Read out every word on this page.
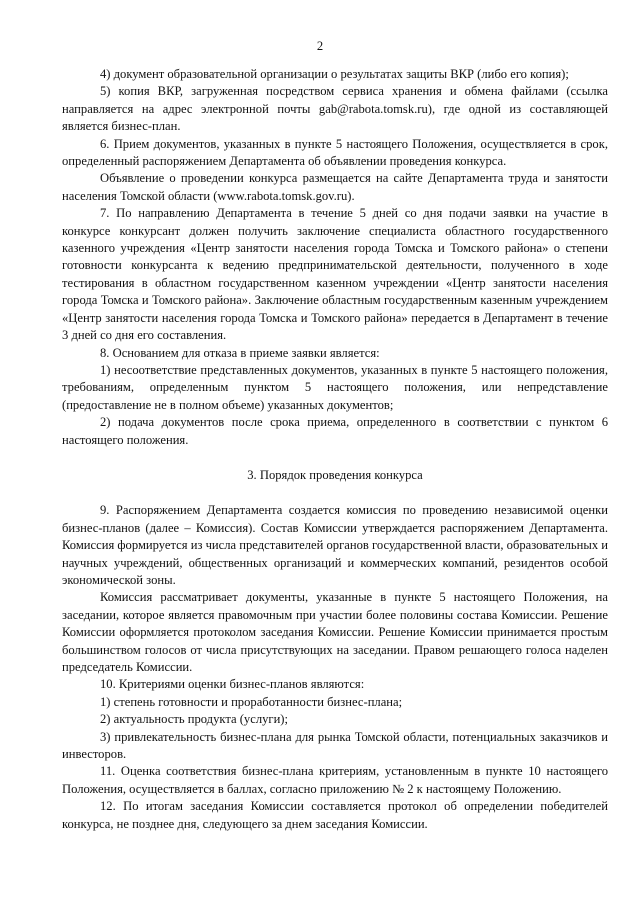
2

4) документ образовательной организации о результатах защиты ВКР (либо его копия);

5) копия ВКР, загруженная посредством сервиса хранения и обмена файлами (ссылка направляется на адрес электронной почты gab@rabota.tomsk.ru), где одной из составляющей является бизнес-план.

6. Прием документов, указанных в пункте 5 настоящего Положения, осуществляется в срок, определенный распоряжением Департамента об объявлении проведения конкурса.

Объявление о проведении конкурса размещается на сайте Департамента труда и занятости населения Томской области (www.rabota.tomsk.gov.ru).

7. По направлению Департамента в течение 5 дней со дня подачи заявки на участие в конкурсе конкурсант должен получить заключение специалиста областного государственного казенного учреждения «Центр занятости населения города Томска и Томского района» о степени готовности конкурсанта к ведению предпринимательской деятельности, полученного в ходе тестирования в областном государственном казенном учреждении «Центр занятости населения города Томска и Томского района». Заключение областным государственным казенным учреждением «Центр занятости населения города Томска и Томского района» передается в Департамент в течение 3 дней со дня его составления.

8. Основанием для отказа в приеме заявки является:

1) несоответствие представленных документов, указанных в пункте 5 настоящего положения, требованиям, определенным пунктом 5 настоящего положения, или непредставление (предоставление не в полном объеме) указанных документов;

2) подача документов после срока приема, определенного в соответствии с пунктом 6 настоящего положения.

3. Порядок проведения конкурса

9. Распоряжением Департамента создается комиссия по проведению независимой оценки бизнес-планов (далее – Комиссия). Состав Комиссии утверждается распоряжением Департамента. Комиссия формируется из числа представителей органов государственной власти, образовательных и научных учреждений, общественных организаций и коммерческих компаний, резидентов особой экономической зоны.

Комиссия рассматривает документы, указанные в пункте 5 настоящего Положения, на заседании, которое является правомочным при участии более половины состава Комиссии. Решение Комиссии оформляется протоколом заседания Комиссии. Решение Комиссии принимается простым большинством голосов от числа присутствующих на заседании. Правом решающего голоса наделен председатель Комиссии.

10. Критериями оценки бизнес-планов являются:

1) степень готовности и проработанности бизнес-плана;

2) актуальность продукта (услуги);

3) привлекательность бизнес-плана для рынка Томской области, потенциальных заказчиков и инвесторов.

11. Оценка соответствия бизнес-плана критериям, установленным в пункте 10 настоящего Положения, осуществляется в баллах, согласно приложению № 2 к настоящему Положению.

12. По итогам заседания Комиссии составляется протокол об определении победителей конкурса, не позднее дня, следующего за днем заседания Комиссии.
